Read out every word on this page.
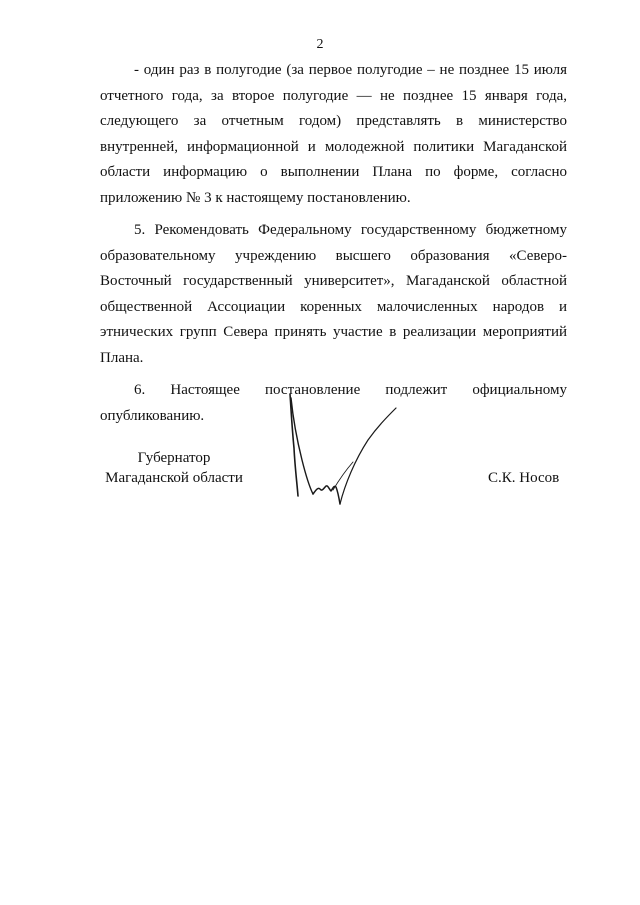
2

- один раз в полугодие (за первое полугодие – не позднее 15 июля отчетного года, за второе полугодие — не позднее 15 января года, следующего за отчетным годом) представлять в министерство внутренней, информационной и молодежной политики Магаданской области информацию о выполнении Плана по форме, согласно приложению № 3 к настоящему постановлению.

5. Рекомендовать Федеральному государственному бюджетному образовательному учреждению высшего образования «Северо-Восточный государственный университет», Магаданской областной общественной Ассоциации коренных малочисленных народов и этнических групп Севера принять участие в реализации мероприятий Плана.

6. Настоящее постановление подлежит официальному опубликованию.

Губернатор
Магаданской области	С.К. Носов
